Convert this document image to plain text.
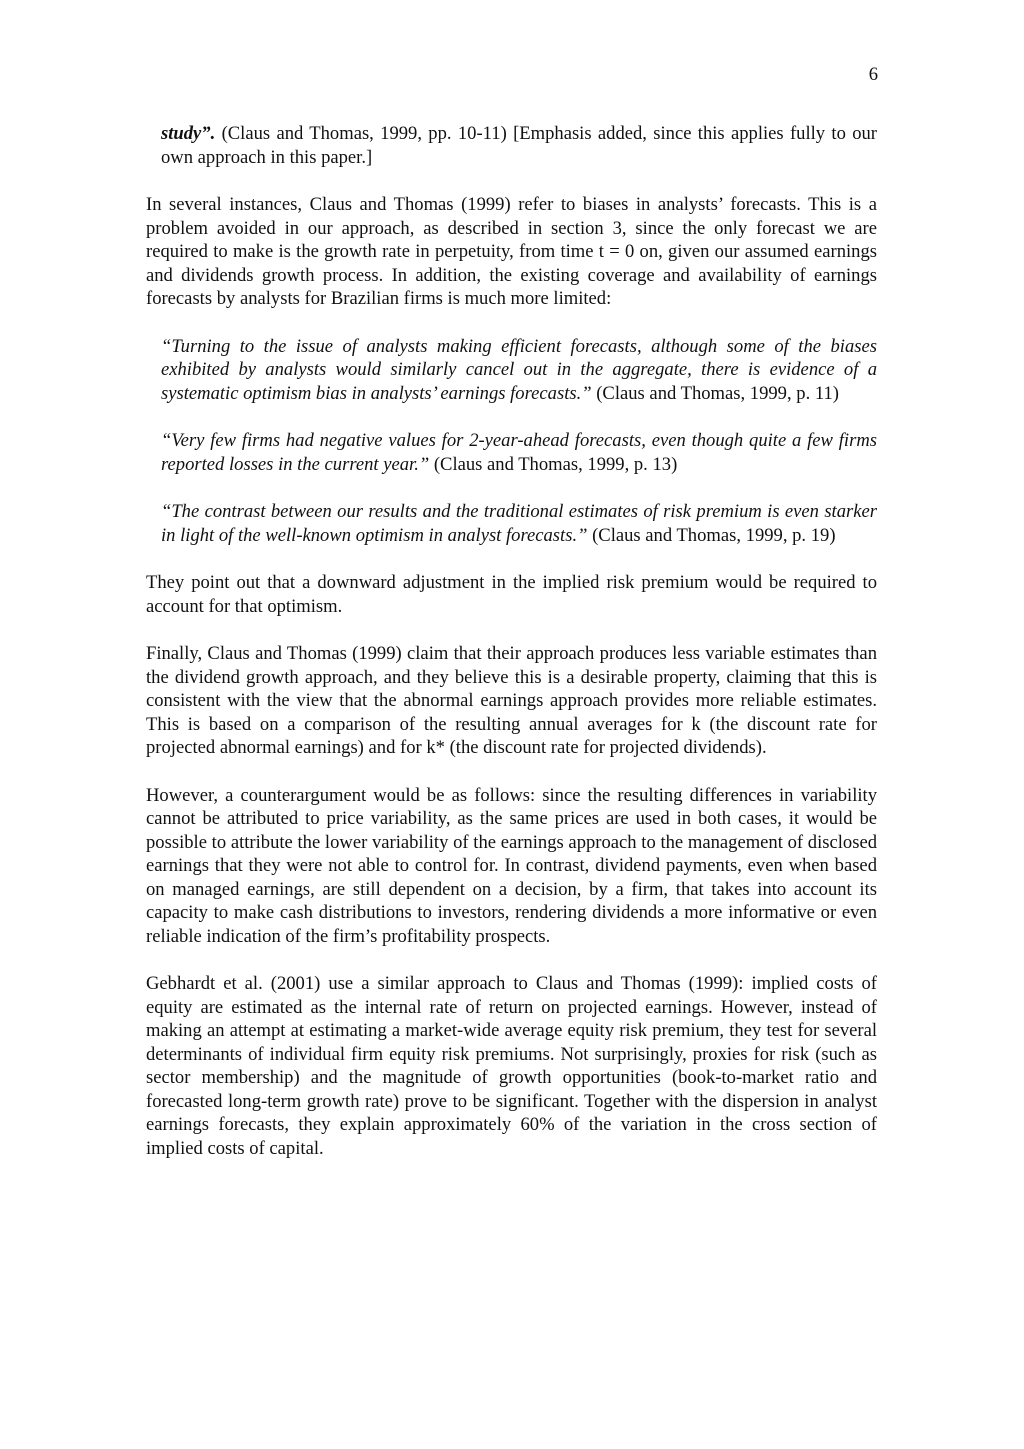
6

study”. (Claus and Thomas, 1999, pp. 10-11) [Emphasis added, since this applies fully to our own approach in this paper.]

In several instances, Claus and Thomas (1999) refer to biases in analysts’ forecasts. This is a problem avoided in our approach, as described in section 3, since the only forecast we are required to make is the growth rate in perpetuity, from time t = 0 on, given our assumed earnings and dividends growth process. In addition, the existing coverage and availability of earnings forecasts by analysts for Brazilian firms is much more limited:

“Turning to the issue of analysts making efficient forecasts, although some of the biases exhibited by analysts would similarly cancel out in the aggregate, there is evidence of a systematic optimism bias in analysts’ earnings forecasts.” (Claus and Thomas, 1999, p. 11)

“Very few firms had negative values for 2-year-ahead forecasts, even though quite a few firms reported losses in the current year.” (Claus and Thomas, 1999, p. 13)

“The contrast between our results and the traditional estimates of risk premium is even starker in light of the well-known optimism in analyst forecasts.” (Claus and Thomas, 1999, p. 19)

They point out that a downward adjustment in the implied risk premium would be required to account for that optimism.

Finally, Claus and Thomas (1999) claim that their approach produces less variable estimates than the dividend growth approach, and they believe this is a desirable property, claiming that this is consistent with the view that the abnormal earnings approach provides more reliable estimates. This is based on a comparison of the resulting annual averages for k (the discount rate for projected abnormal earnings) and for k* (the discount rate for projected dividends).

However, a counterargument would be as follows: since the resulting differences in variability cannot be attributed to price variability, as the same prices are used in both cases, it would be possible to attribute the lower variability of the earnings approach to the management of disclosed earnings that they were not able to control for. In contrast, dividend payments, even when based on managed earnings, are still dependent on a decision, by a firm, that takes into account its capacity to make cash distributions to investors, rendering dividends a more informative or even reliable indication of the firm’s profitability prospects.

Gebhardt et al. (2001) use a similar approach to Claus and Thomas (1999): implied costs of equity are estimated as the internal rate of return on projected earnings. However, instead of making an attempt at estimating a market-wide average equity risk premium, they test for several determinants of individual firm equity risk premiums. Not surprisingly, proxies for risk (such as sector membership) and the magnitude of growth opportunities (book-to-market ratio and forecasted long-term growth rate) prove to be significant. Together with the dispersion in analyst earnings forecasts, they explain approximately 60% of the variation in the cross section of implied costs of capital.
